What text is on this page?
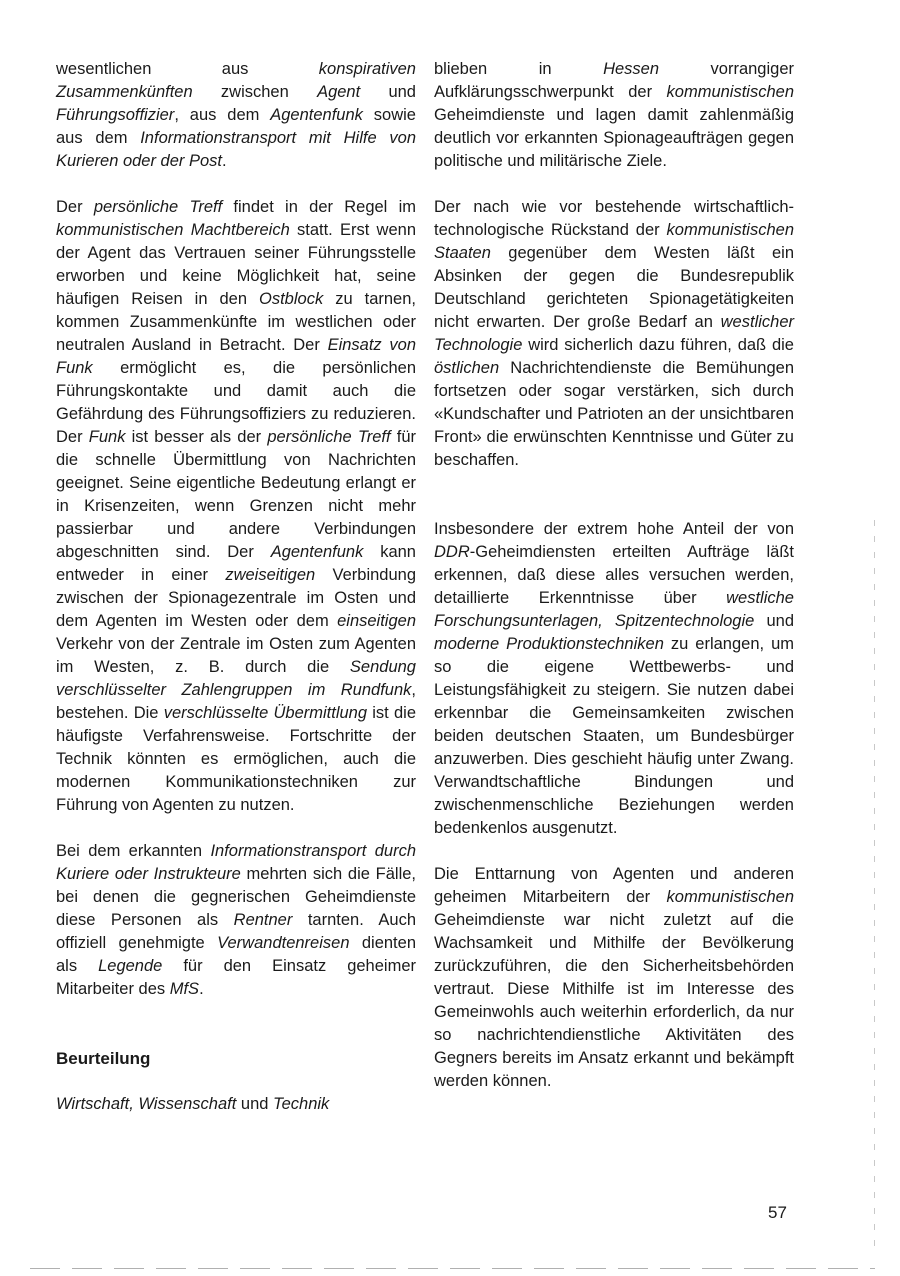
wesentlichen aus konspirativen Zusammenkünften zwischen Agent und Führungsoffizier, aus dem Agentenfunk sowie aus dem Informationstransport mit Hilfe von Kurieren oder der Post.

Der persönliche Treff findet in der Regel im kommunistischen Machtbereich statt. Erst wenn der Agent das Vertrauen seiner Führungsstelle erworben und keine Möglichkeit hat, seine häufigen Reisen in den Ostblock zu tarnen, kommen Zusammenkünfte im westlichen oder neutralen Ausland in Betracht. Der Einsatz von Funk ermöglicht es, die persönlichen Führungskontakte und damit auch die Gefährdung des Führungsoffiziers zu reduzieren. Der Funk ist besser als der persönliche Treff für die schnelle Übermittlung von Nachrichten geeignet. Seine eigentliche Bedeutung erlangt er in Krisenzeiten, wenn Grenzen nicht mehr passierbar und andere Verbindungen abgeschnitten sind. Der Agentenfunk kann entweder in einer zweiseitigen Verbindung zwischen der Spionagezentrale im Osten und dem Agenten im Westen oder dem einseitigen Verkehr von der Zentrale im Osten zum Agenten im Westen, z. B. durch die Sendung verschlüsselter Zahlengruppen im Rundfunk, bestehen. Die verschlüsselte Übermittlung ist die häufigste Verfahrensweise. Fortschritte der Technik könnten es ermöglichen, auch die modernen Kommunikationstechniken zur Führung von Agenten zu nutzen.

Bei dem erkannten Informationstransport durch Kuriere oder Instrukteure mehrten sich die Fälle, bei denen die gegnerischen Geheimdienste diese Personen als Rentner tarnten. Auch offiziell genehmigte Verwandtenreisen dienten als Legende für den Einsatz geheimer Mitarbeiter des MfS.

Beurteilung

Wirtschaft, Wissenschaft und Technik

blieben in Hessen vorrangiger Aufklärungsschwerpunkt der kommunistischen Geheimdienste und lagen damit zahlenmäßig deutlich vor erkannten Spionageaufträgen gegen politische und militärische Ziele.

Der nach wie vor bestehende wirtschaftlich-technologische Rückstand der kommunistischen Staaten gegenüber dem Westen läßt ein Absinken der gegen die Bundesrepublik Deutschland gerichteten Spionagetätigkeiten nicht erwarten. Der große Bedarf an westlicher Technologie wird sicherlich dazu führen, daß die östlichen Nachrichtendienste die Bemühungen fortsetzen oder sogar verstärken, sich durch «Kundschafter und Patrioten an der unsichtbaren Front» die erwünschten Kenntnisse und Güter zu beschaffen.

Insbesondere der extrem hohe Anteil der von DDR-Geheimdiensten erteilten Aufträge läßt erkennen, daß diese alles versuchen werden, detaillierte Erkenntnisse über westliche Forschungsunterlagen, Spitzentechnologie und moderne Produktionstechniken zu erlangen, um so die eigene Wettbewerbs- und Leistungsfähigkeit zu steigern. Sie nutzen dabei erkennbar die Gemeinsamkeiten zwischen beiden deutschen Staaten, um Bundesbürger anzuwerben. Dies geschieht häufig unter Zwang. Verwandtschaftliche Bindungen und zwischenmenschliche Beziehungen werden bedenkenlos ausgenutzt.

Die Enttarnung von Agenten und anderen geheimen Mitarbeitern der kommunistischen Geheimdienste war nicht zuletzt auf die Wachsamkeit und Mithilfe der Bevölkerung zurückzuführen, die den Sicherheitsbehörden vertraut. Diese Mithilfe ist im Interesse des Gemeinwohls auch weiterhin erforderlich, da nur so nachrichtendienstliche Aktivitäten des Gegners bereits im Ansatz erkannt und bekämpft werden können.

57
